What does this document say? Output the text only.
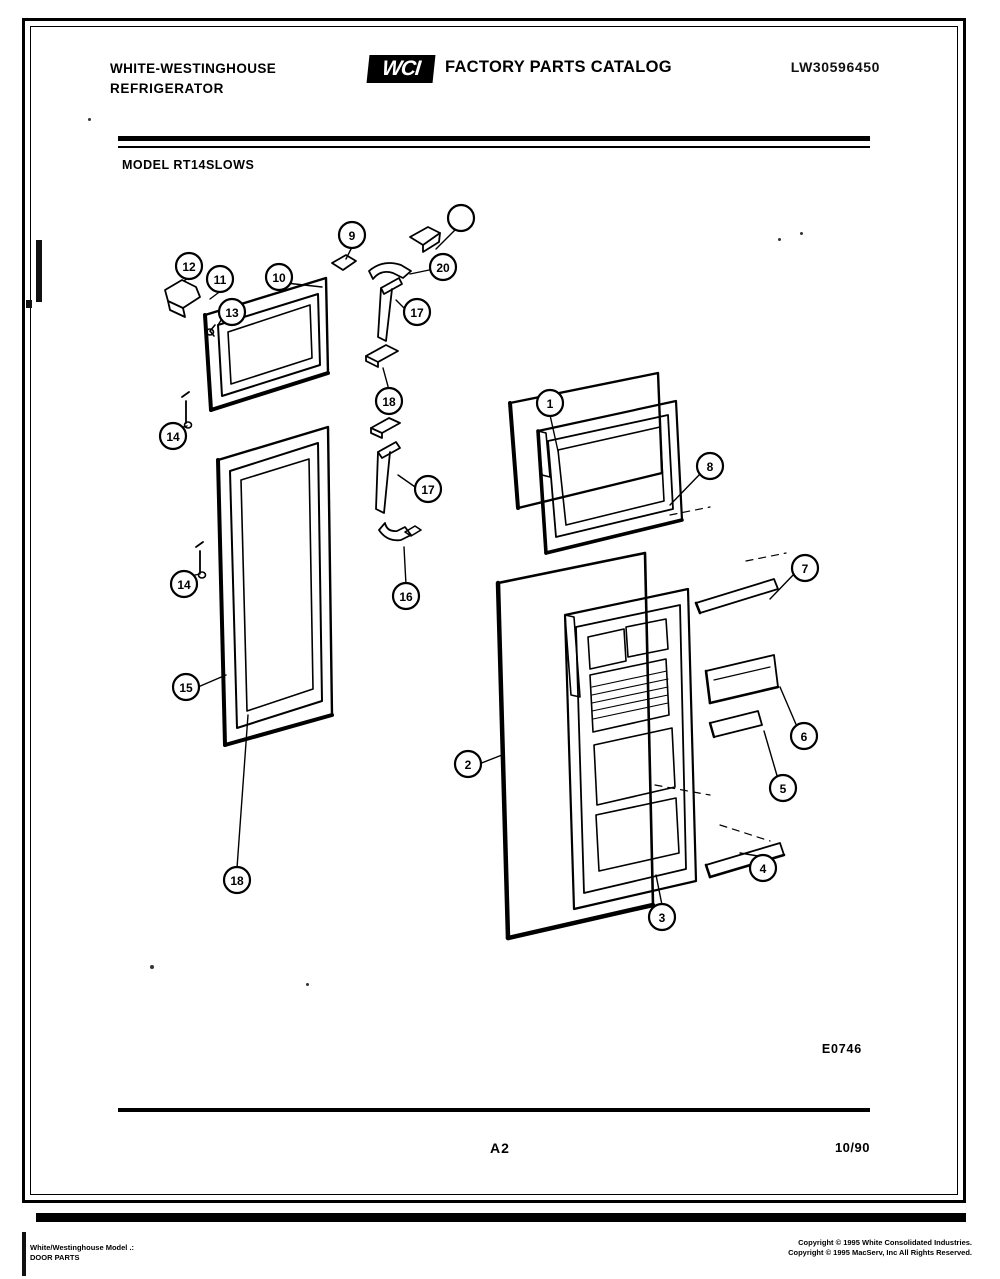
WHITE-WESTINGHOUSE
REFRIGERATOR
WCI	FACTORY PARTS CATALOG	LW30596450
MODEL RT14SLOWS
1
2
3
4
5
6
7
8
9
10
11
12
13
14
14
15
16
17
17
18
18
20
E0746
A2	10/90
White/Westinghouse Model .:
DOOR PARTS
Copyright © 1995 White Consolidated Industries.
Copyright © 1995 MacServ, Inc All Rights Reserved.
